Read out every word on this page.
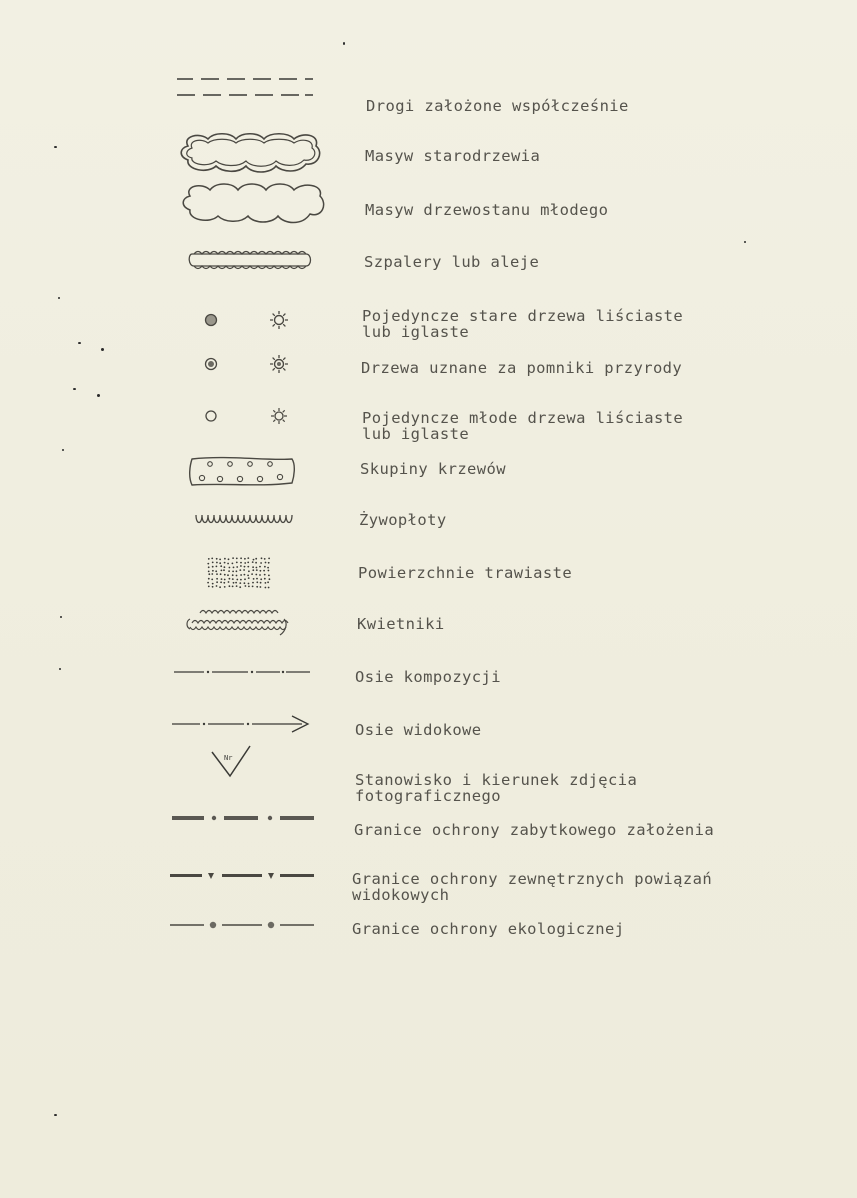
Drogi założone współcześnie
Masyw starodrzewia
Masyw drzewostanu młodego
Szpalery lub aleje
Pojedyncze stare drzewa liściaste
lub iglaste
Drzewa uznane za pomniki przyrody
Pojedyncze młode drzewa liściaste
lub iglaste
Skupiny krzewów
Żywopłoty
Powierzchnie trawiaste
Kwietniki
Osie kompozycji
Osie widokowe
Nr
Stanowisko i kierunek zdjęcia
fotograficznego
Granice ochrony zabytkowego założenia
Granice ochrony zewnętrznych powiązań
widokowych
Granice ochrony ekologicznej
